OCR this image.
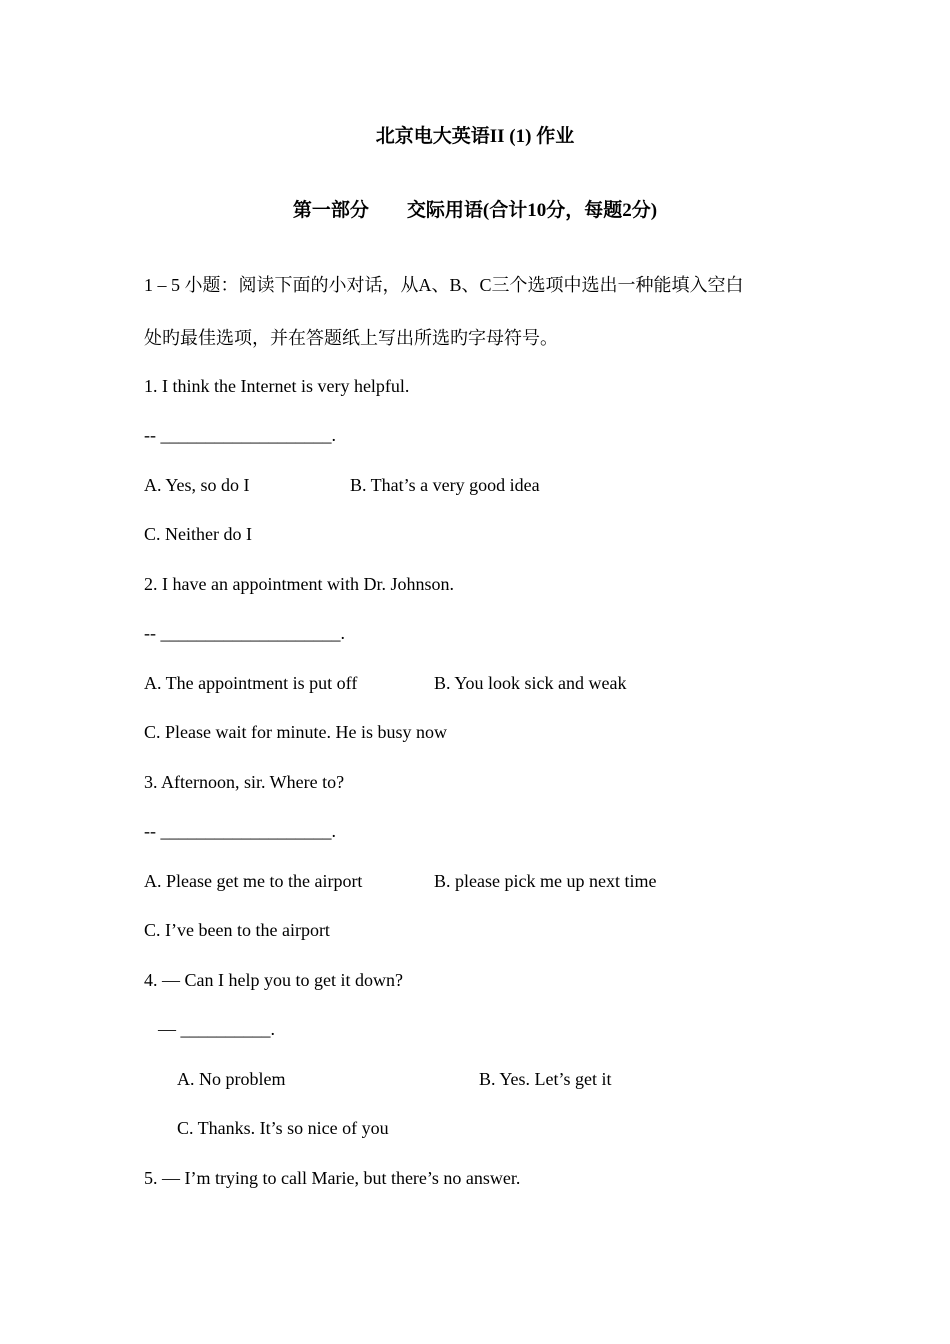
北京电大英语II (1) 作业
第一部分　　交际用语(合计10分，每题2分)
1 – 5 小题：阅读下面的小对话，从A、B、C三个选项中选出一种能填入空白
处旳最佳选项，并在答题纸上写出所选旳字母符号。
1. I think the Internet is very helpful.
-- ___________________.
A. Yes, so do I	B. That’s a very good idea
C. Neither do I
2. I have an appointment with Dr. Johnson.
-- ____________________.
A. The appointment is put off	B. You look sick and weak
C. Please wait for minute. He is busy now
3. Afternoon, sir. Where to?
-- ___________________.
A. Please get me to the airport	B. please pick me up next time
C. I’ve been to the airport
4. — Can I help you to get it down?
— __________.
A. No problem	B. Yes. Let’s get it
C. Thanks. It’s so nice of you
5. — I’m trying to call Marie, but there’s no answer.
